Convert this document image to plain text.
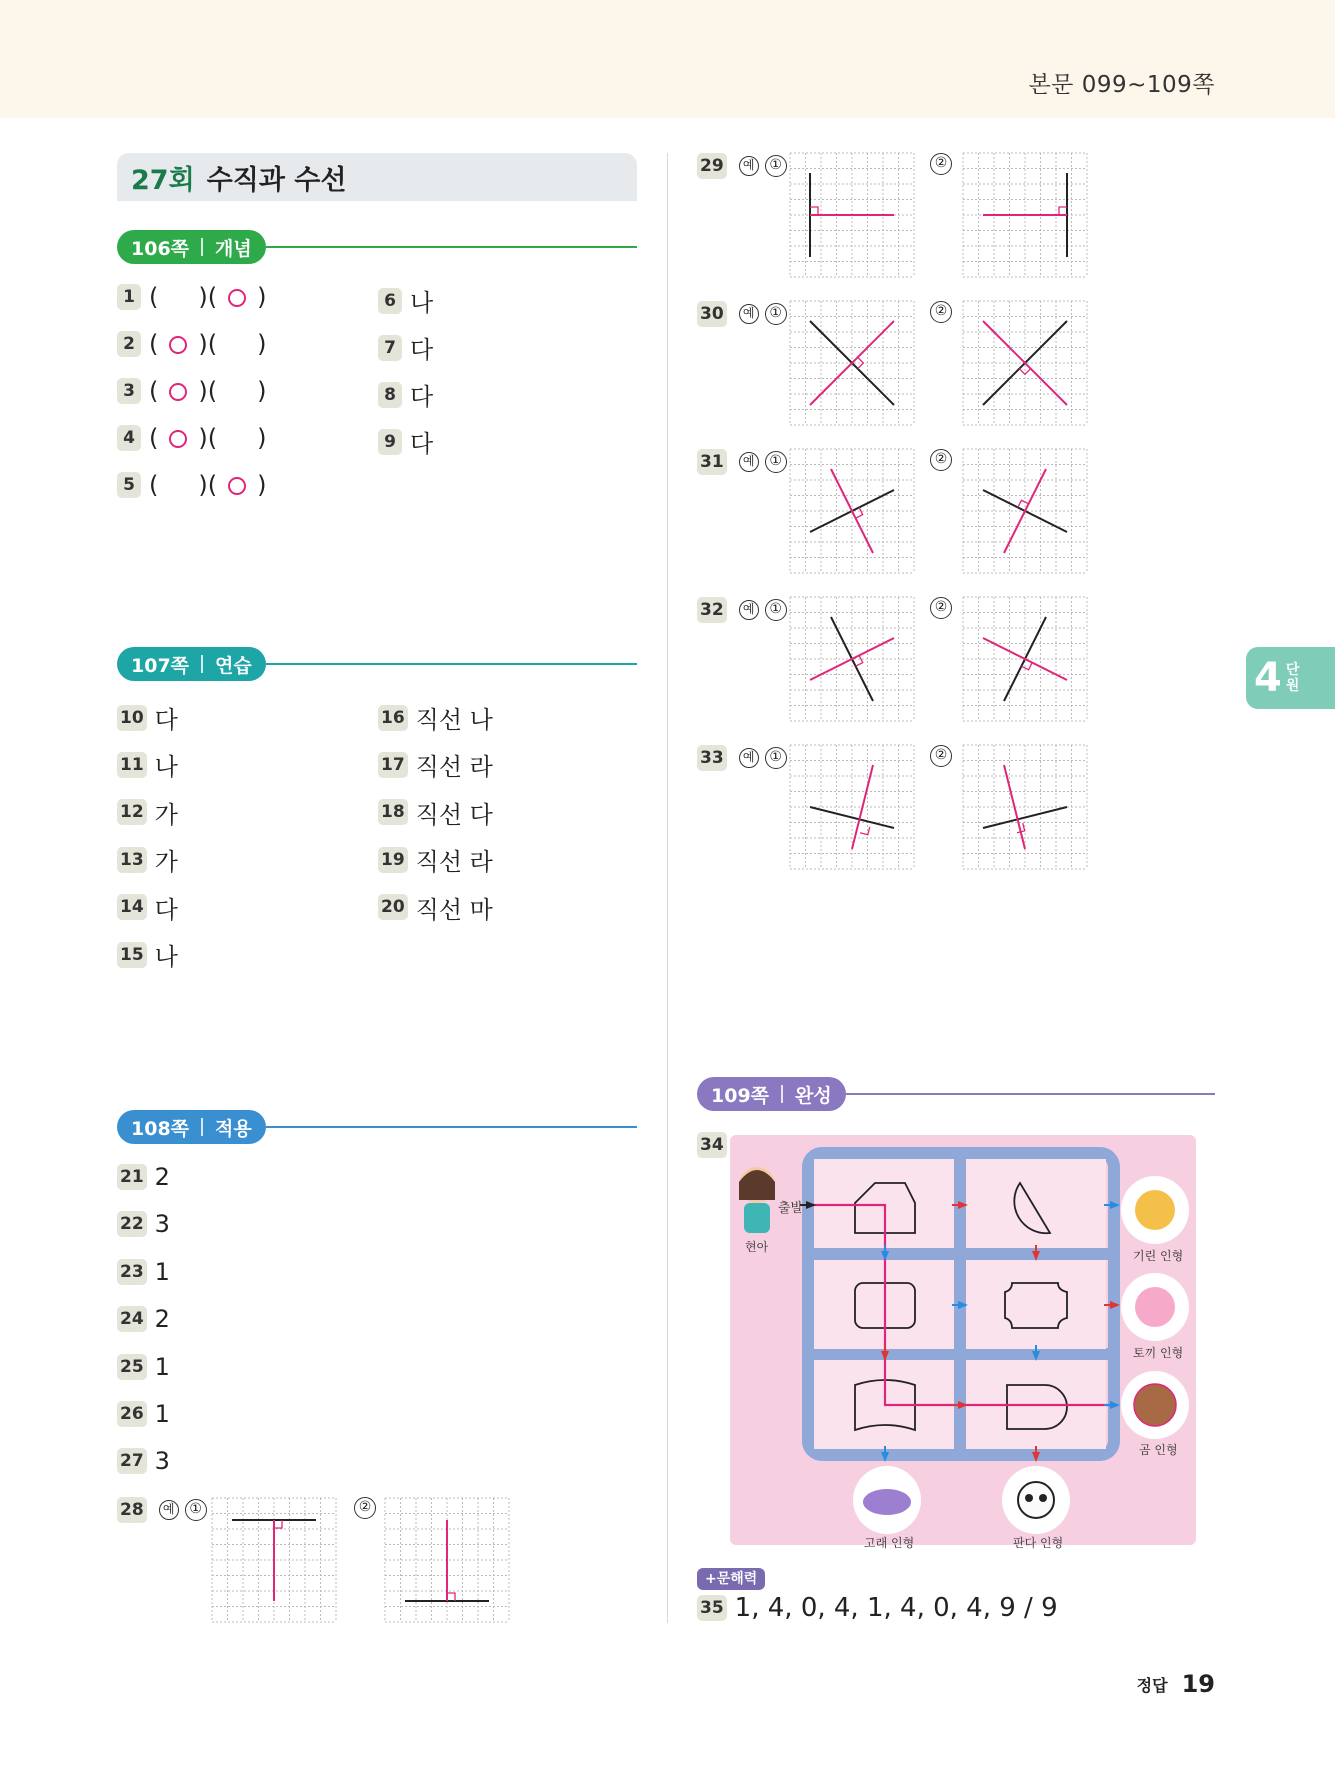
본문 099~109쪽
27회 수직과 수선
106쪽 개념
107쪽 연습
108쪽 적용
109쪽 완성
1 ( ) ( )
2 ( ) ( )
3 ( ) ( )
4 ( ) ( )
5 ( ) ( )
6 나
7 다
8 다
9 다
10 다
11 나
12 가
13 가
14 다
15 나
16 직선 나
17 직선 라
18 직선 다
19 직선 라
20 직선 마
21 2
22 3
23 1
24 2
25 1
26 1
27 3
28	예	①	②
29	예	①	②
30	예	①	②
31	예	①	②
32	예	①	②
33	예	①	②
34
출발
현아
기린 인형
토끼 인형
곰 인형
고래 인형	판다 인형
+문해력
35 1, 4, 0, 4, 1, 4, 0, 4, 9 / 9
4 단
원
정답 19
